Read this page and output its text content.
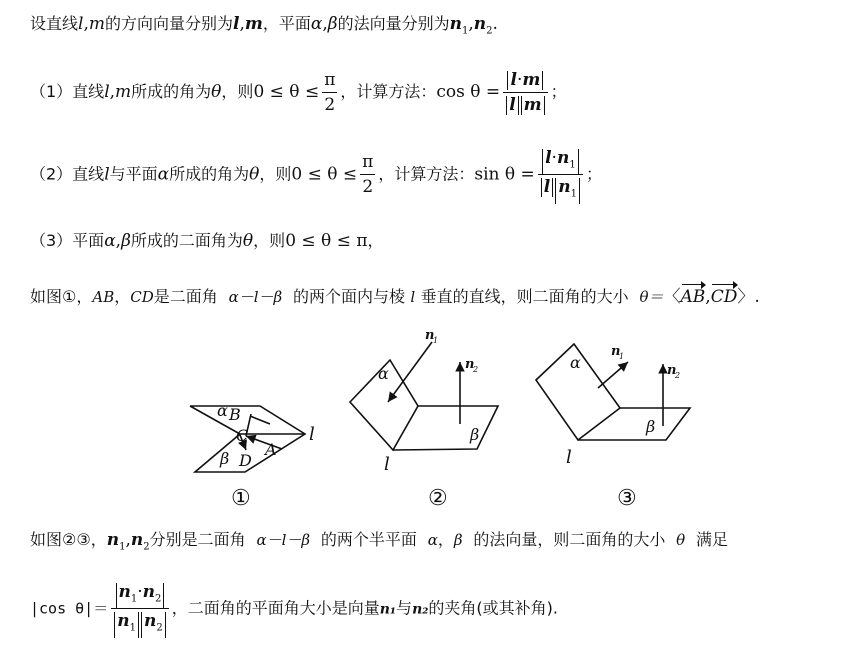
设直线l,m的方向向量分别为l,m，平面α,β的法向量分别为$n_1,n_2$.
（1）直线l,m所成的角为θ，则$0 \le \theta \le \frac{\pi}{2}$ ，计算方法：$\cos \theta = \frac{l\cdot m}{\text{l m}}$ ；
（2）直线l与平面α所成的角为θ，则$0 \le \theta \le \frac{\pi}{2}$ ，计算方法：$\sin \theta = \frac{l\cdot n_1}{l n_1}$ ；
（3）平面α,β所成的二面角为θ，则0 ≤ θ ≤ π，
如图①，AB，CD是二面角 α－l－β 的两个面内与棱 l 垂直的直线，则二面角的大小 θ＝〈AB,CD〉.
α B
C
A
β D
l
①
α
β
n
1
n
2
l
②
α
β
n
1
n
2
l
③
如图②③，$n_1,n_2$分别是二面角 α－l－β 的两个半平面 α，β 的法向量，则二面角的大小 θ 满足
|cos $\theta|= \frac{n_1\cdot n_2}{n_1 n_2}$ ，二面角的平面角大小是向量n₁与n₂的夹角(或其补角).
